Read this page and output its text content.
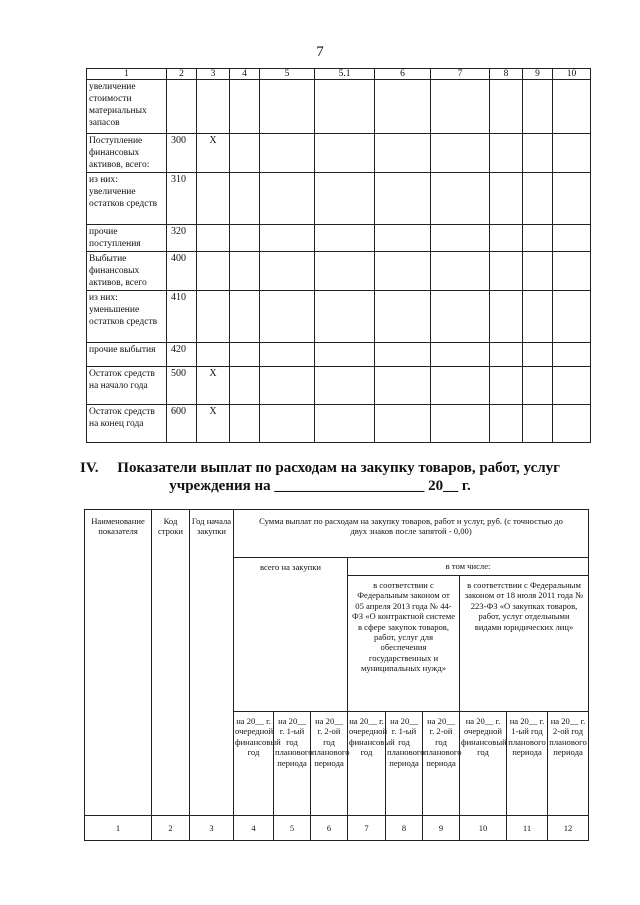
7
1	2	3	4	5	5.1	6	7	8	9	10
увеличение стоимости материальных запасов										
Поступление финансовых активов, всего:	300	X								
из них: увеличение остатков средств	310									
прочие поступления	320									
Выбытие финансовых активов, всего	400									
из них: уменьшение остатков средств	410									
прочие выбытия	420									
Остаток средств на начало года	500	X								
Остаток средств на конец года	600	X								
IV. Показатели выплат по расходам на закупку товаров, работ, услуг
учреждения на ____________________ 20__ г.
Наименование показателя	Код строки	Год начала закупки	Сумма выплат по расходам на закупку товаров, работ и услуг, руб. (с точностью до двух знаков после запятой - 0,00)								
			всего на закупки			в том числе:					
						в соответствии с Федеральным законом от 05 апреля 2013 года № 44-ФЗ «О контрактной системе в сфере закупок товаров, работ, услуг для обеспечения государственных и муниципальных нужд»			в соответствии с Федеральным законом от 18 июля 2011 года № 223-ФЗ «О закупках товаров, работ, услуг отдельными видами юридических лиц»		
			на 20__ г. очередной финансовый год	на 20__ г. 1-ый год планового периода	на 20__ г. 2-ой год планового периода	на 20__ г. очередной финансовый год	на 20__ г. 1-ый год планового периода	на 20__ г. 2-ой год планового периода	на 20__ г. очередной финансовый год	на 20__ г. 1-ый год планового периода	на 20__ г. 2-ой год планового периода
1	2	3	4	5	6	7	8	9	10	11	12
